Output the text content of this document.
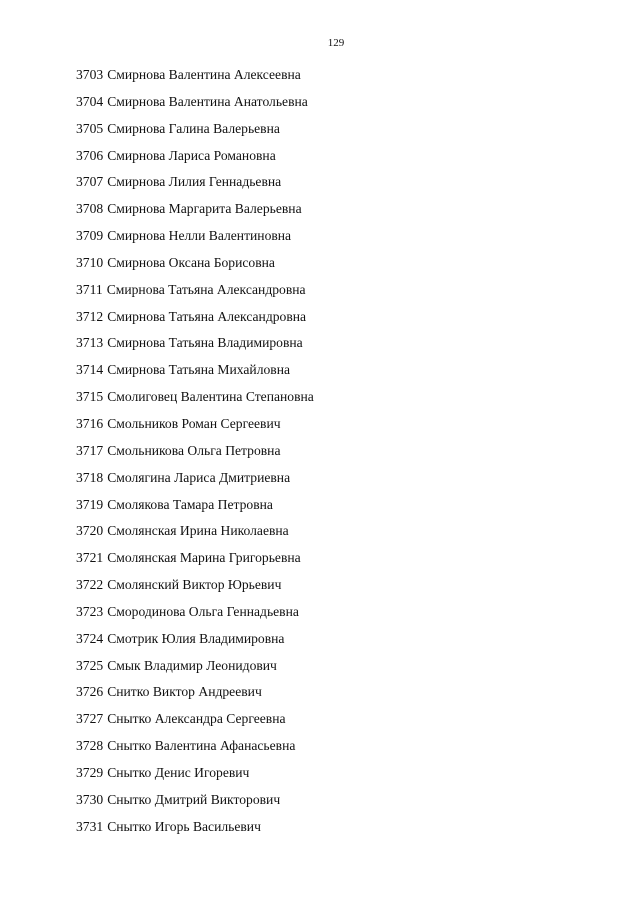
129
3703 Смирнова Валентина Алексеевна
3704 Смирнова Валентина Анатольевна
3705 Смирнова Галина Валерьевна
3706 Смирнова Лариса Романовна
3707 Смирнова Лилия Геннадьевна
3708 Смирнова Маргарита Валерьевна
3709 Смирнова Нелли Валентиновна
3710 Смирнова Оксана Борисовна
3711 Смирнова Татьяна Александровна
3712 Смирнова Татьяна Александровна
3713 Смирнова Татьяна Владимировна
3714 Смирнова Татьяна Михайловна
3715 Смолиговец Валентина Степановна
3716 Смольников Роман Сергеевич
3717 Смольникова Ольга Петровна
3718 Смолягина Лариса Дмитриевна
3719 Смолякова Тамара Петровна
3720 Смолянская Ирина Николаевна
3721 Смолянская Марина Григорьевна
3722 Смолянский Виктор Юрьевич
3723 Смородинова Ольга Геннадьевна
3724 Смотрик Юлия Владимировна
3725 Смык Владимир Леонидович
3726 Снитко Виктор Андреевич
3727 Снытко Александра Сергеевна
3728 Снытко Валентина Афанасьевна
3729 Снытко Денис Игоревич
3730 Снытко Дмитрий Викторович
3731 Снытко Игорь Васильевич
